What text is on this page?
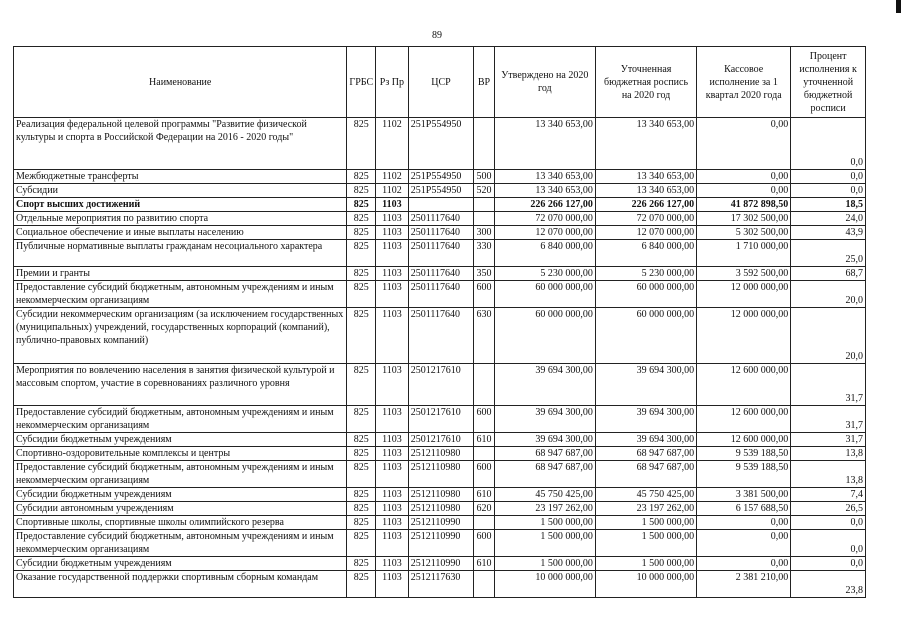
89
Наименование	ГРБС	Рз Пр	ЦСР	ВР	Утверждено на 2020 год	Уточненная бюджетная роспись на 2020 год	Кассовое исполнение за 1 квартал 2020 года	Процент исполнения к уточненной бюджетной росписи
Реализация федеральной целевой программы "Развитие физической культуры и спорта в Российской Федерации на 2016 - 2020 годы"	825	1102	251P554950		13 340 653,00	13 340 653,00	0,00	0,0
Межбюджетные трансферты	825	1102	251P554950	500	13 340 653,00	13 340 653,00	0,00	0,0
Субсидии	825	1102	251P554950	520	13 340 653,00	13 340 653,00	0,00	0,0
Спорт высших достижений	825	1103			226 266 127,00	226 266 127,00	41 872 898,50	18,5
Отдельные мероприятия по развитию спорта	825	1103	2501117640		72 070 000,00	72 070 000,00	17 302 500,00	24,0
Социальное обеспечение и иные выплаты населению	825	1103	2501117640	300	12 070 000,00	12 070 000,00	5 302 500,00	43,9
Публичные нормативные выплаты гражданам несоциального характера	825	1103	2501117640	330	6 840 000,00	6 840 000,00	1 710 000,00	25,0
Премии и гранты	825	1103	2501117640	350	5 230 000,00	5 230 000,00	3 592 500,00	68,7
Предоставление субсидий бюджетным, автономным учреждениям и иным некоммерческим организациям	825	1103	2501117640	600	60 000 000,00	60 000 000,00	12 000 000,00	20,0
Субсидии некоммерческим организациям (за исключением государственных (муниципальных) учреждений, государственных корпораций (компаний), публично-правовых компаний)	825	1103	2501117640	630	60 000 000,00	60 000 000,00	12 000 000,00	20,0
Мероприятия по вовлечению населения в занятия физической культурой и массовым спортом, участие в соревнованиях различного уровня	825	1103	2501217610		39 694 300,00	39 694 300,00	12 600 000,00	31,7
Предоставление субсидий бюджетным, автономным учреждениям и иным некоммерческим организациям	825	1103	2501217610	600	39 694 300,00	39 694 300,00	12 600 000,00	31,7
Субсидии бюджетным учреждениям	825	1103	2501217610	610	39 694 300,00	39 694 300,00	12 600 000,00	31,7
Спортивно-оздоровительные комплексы и центры	825	1103	2512110980		68 947 687,00	68 947 687,00	9 539 188,50	13,8
Предоставление субсидий бюджетным, автономным учреждениям и иным некоммерческим организациям	825	1103	2512110980	600	68 947 687,00	68 947 687,00	9 539 188,50	13,8
Субсидии бюджетным учреждениям	825	1103	2512110980	610	45 750 425,00	45 750 425,00	3 381 500,00	7,4
Субсидии автономным учреждениям	825	1103	2512110980	620	23 197 262,00	23 197 262,00	6 157 688,50	26,5
Спортивные школы, спортивные школы олимпийского резерва	825	1103	2512110990		1 500 000,00	1 500 000,00	0,00	0,0
Предоставление субсидий бюджетным, автономным учреждениям и иным некоммерческим организациям	825	1103	2512110990	600	1 500 000,00	1 500 000,00	0,00	0,0
Субсидии бюджетным учреждениям	825	1103	2512110990	610	1 500 000,00	1 500 000,00	0,00	0,0
Оказание государственной поддержки спортивным сборным командам	825	1103	2512117630		10 000 000,00	10 000 000,00	2 381 210,00	23,8
